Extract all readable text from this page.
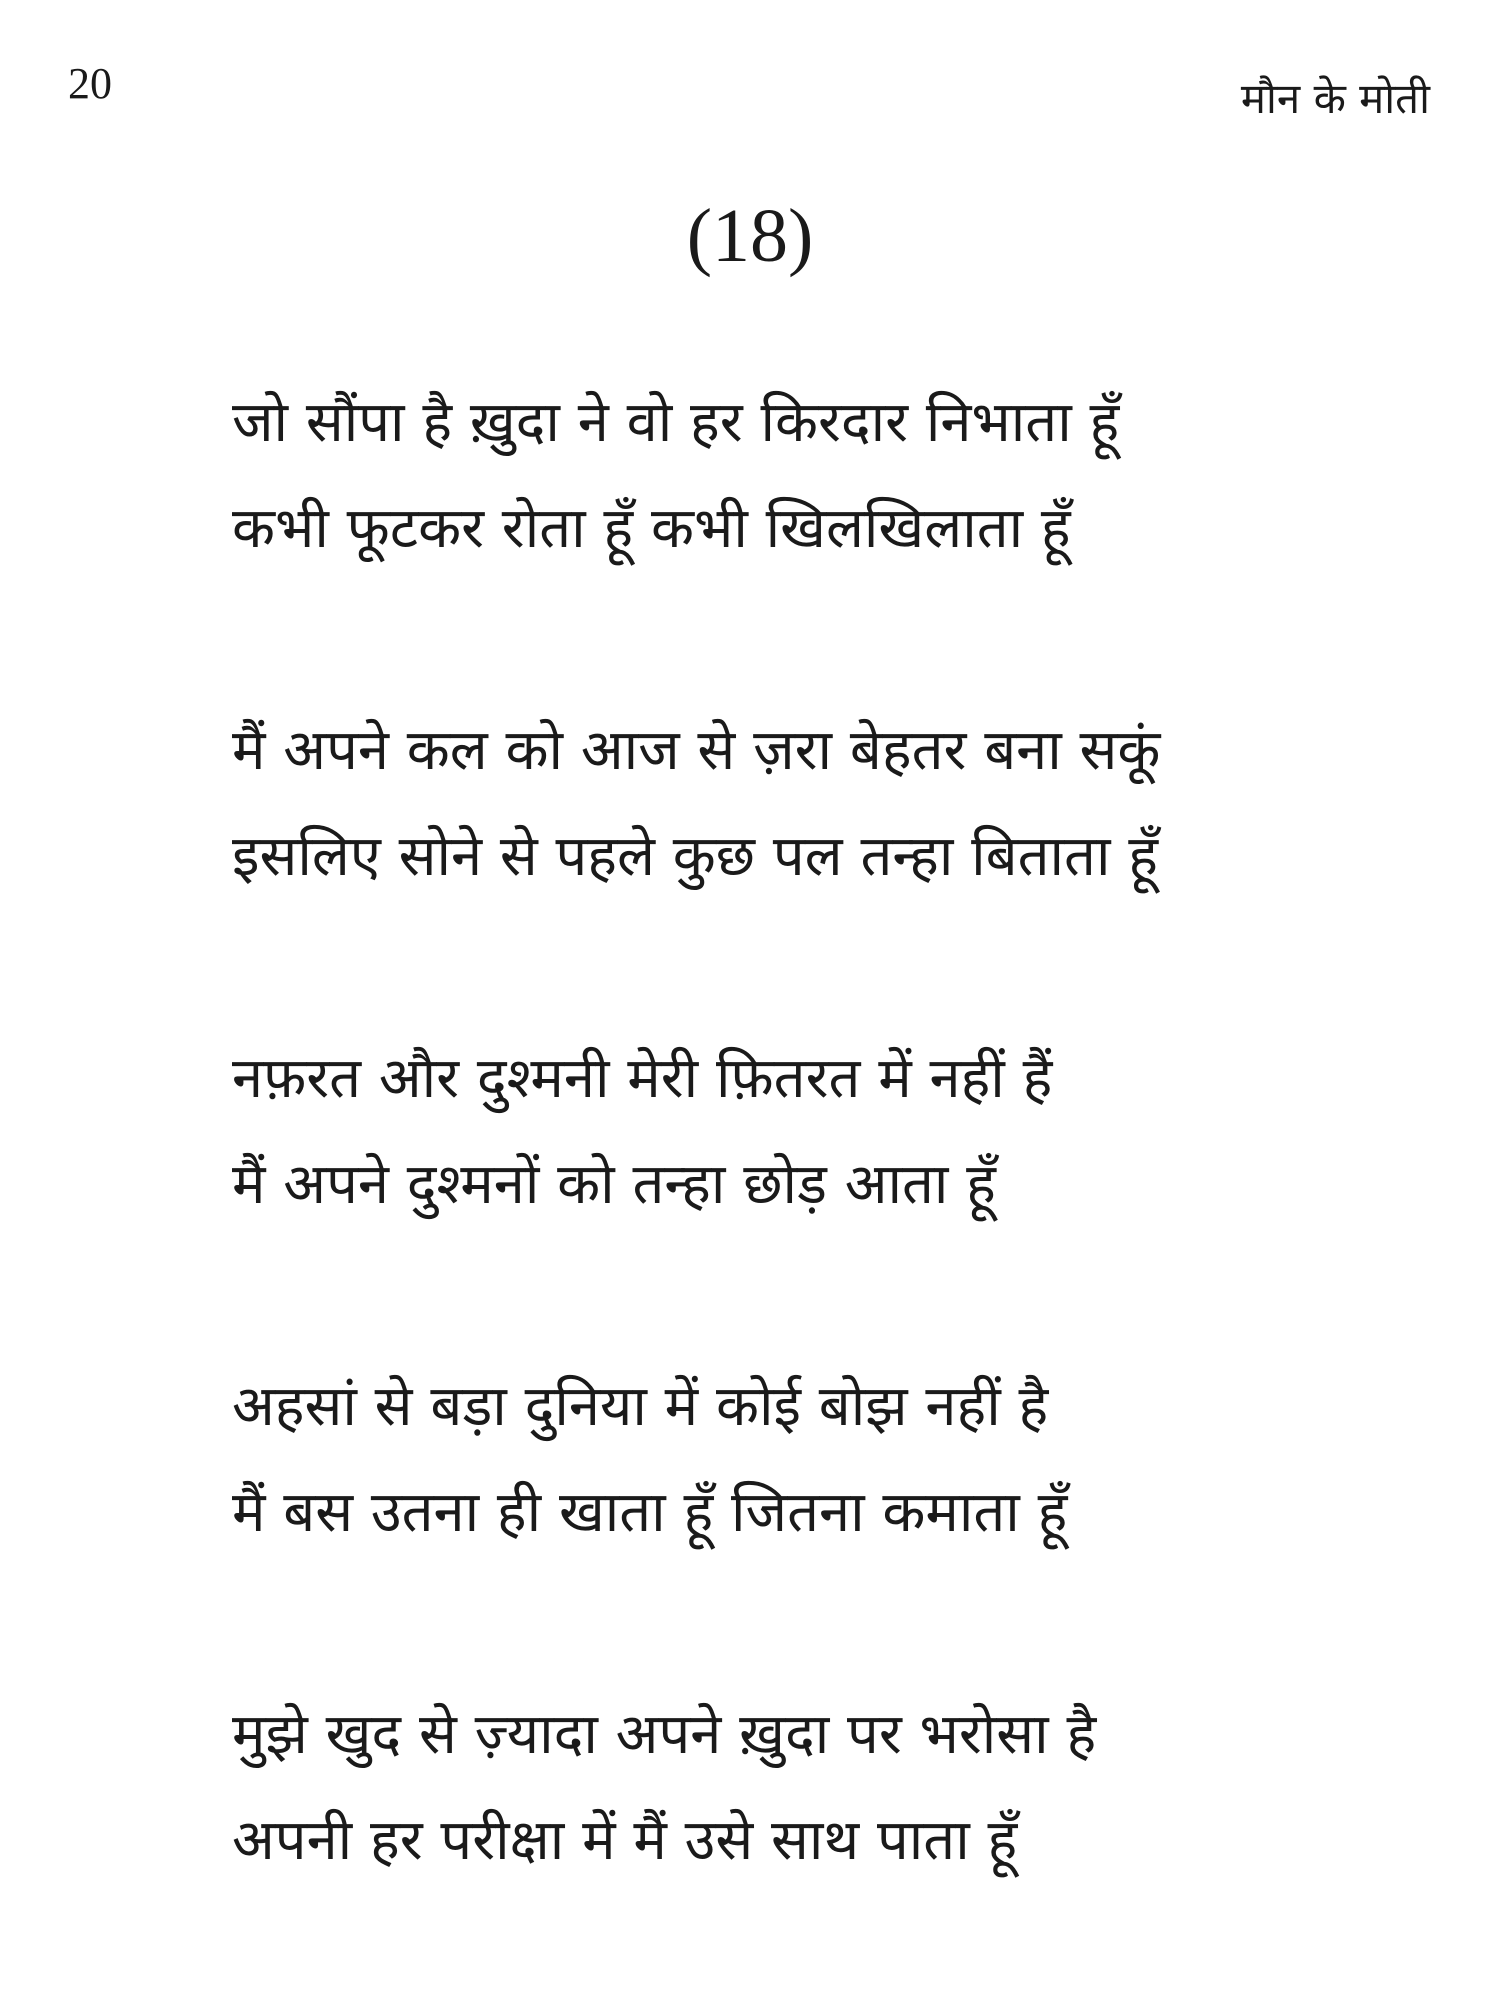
20	मौन के मोती
(18)
जो सौंपा है ख़ुदा ने वो हर किरदार निभाता हूँ
कभी फूटकर रोता हूँ कभी खिलखिलाता हूँ
मैं अपने कल को आज से ज़रा बेहतर बना सकूं
इसलिए सोने से पहले कुछ पल तन्हा बिताता हूँ
नफ़रत और दुश्मनी मेरी फ़ितरत में नहीं हैं
मैं अपने दुश्मनों को तन्हा छोड़ आता हूँ
अहसां से बड़ा दुनिया में कोई बोझ नहीं है
मैं बस उतना ही खाता हूँ जितना कमाता हूँ
मुझे खुद से ज़्यादा अपने ख़ुदा पर भरोसा है
अपनी हर परीक्षा में मैं उसे साथ पाता हूँ
